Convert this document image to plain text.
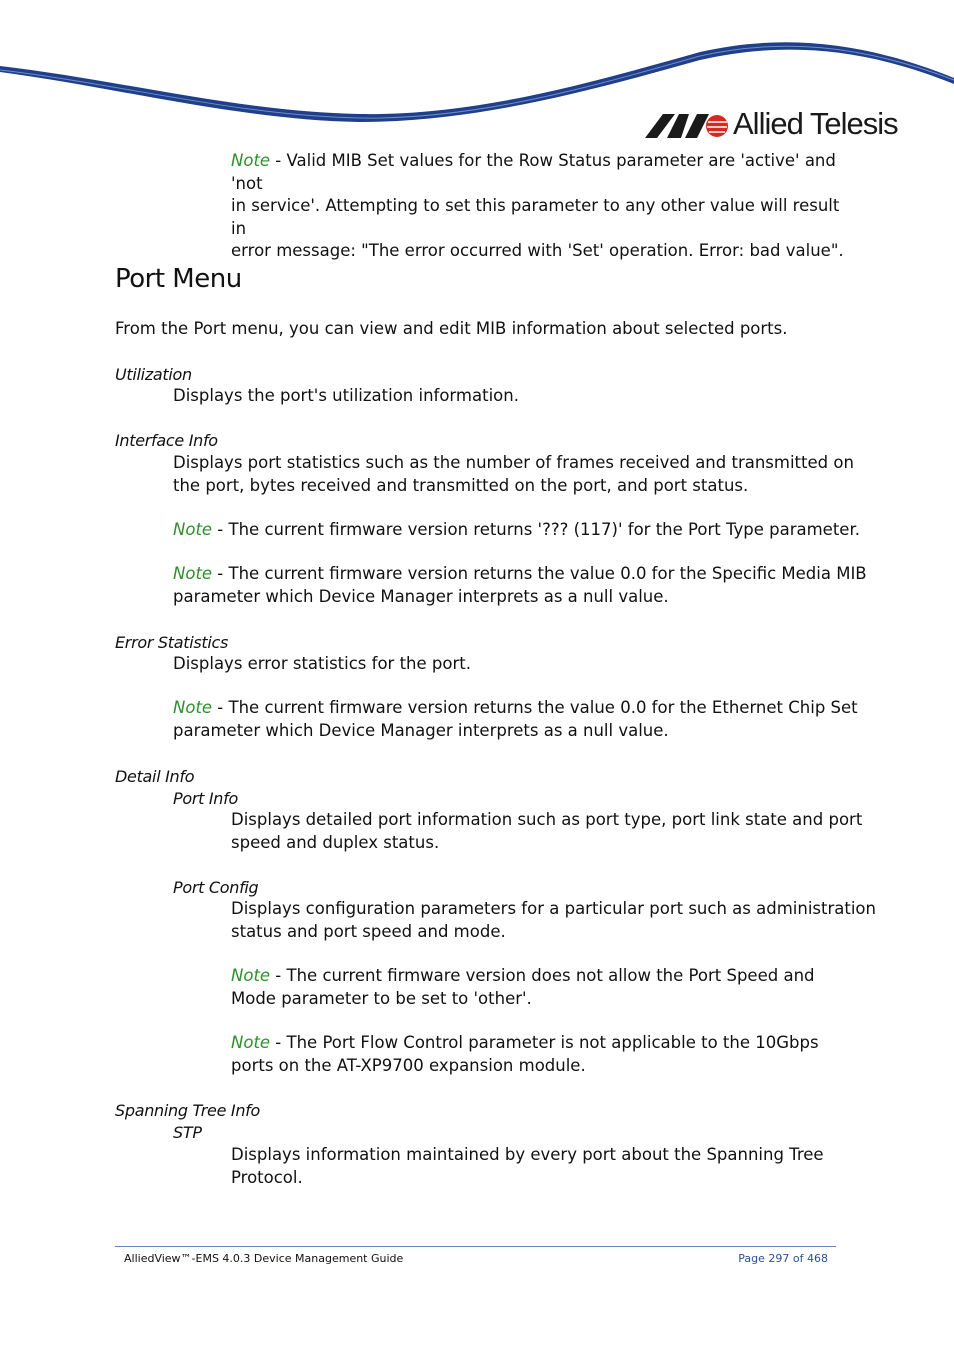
Allied Telesis
Note - Valid MIB Set values for the Row Status parameter are 'active' and 'not
in service'. Attempting to set this parameter to any other value will result in
error message: "The error occurred with 'Set' operation. Error: bad value".
Port Menu
From the Port menu, you can view and edit MIB information about selected ports.
Utilization
Displays the port's utilization information.
Interface Info
Displays port statistics such as the number of frames received and transmitted on
the port, bytes received and transmitted on the port, and port status.
Note - The current firmware version returns '??? (117)' for the Port Type parameter.
Note - The current firmware version returns the value 0.0 for the Specific Media MIB
parameter which Device Manager interprets as a null value.
Error Statistics
Displays error statistics for the port.
Note - The current firmware version returns the value 0.0 for the Ethernet Chip Set
parameter which Device Manager interprets as a null value.
Detail Info
Port Info
Displays detailed port information such as port type, port link state and port
speed and duplex status.
Port Config
Displays configuration parameters for a particular port such as administration
status and port speed and mode.
Note - The current firmware version does not allow the Port Speed and
Mode parameter to be set to 'other'.
Note - The Port Flow Control parameter is not applicable to the 10Gbps
ports on the AT-XP9700 expansion module.
Spanning Tree Info
STP
Displays information maintained by every port about the Spanning Tree
Protocol.
AlliedView™-EMS 4.0.3 Device Management Guide	Page 297 of 468
